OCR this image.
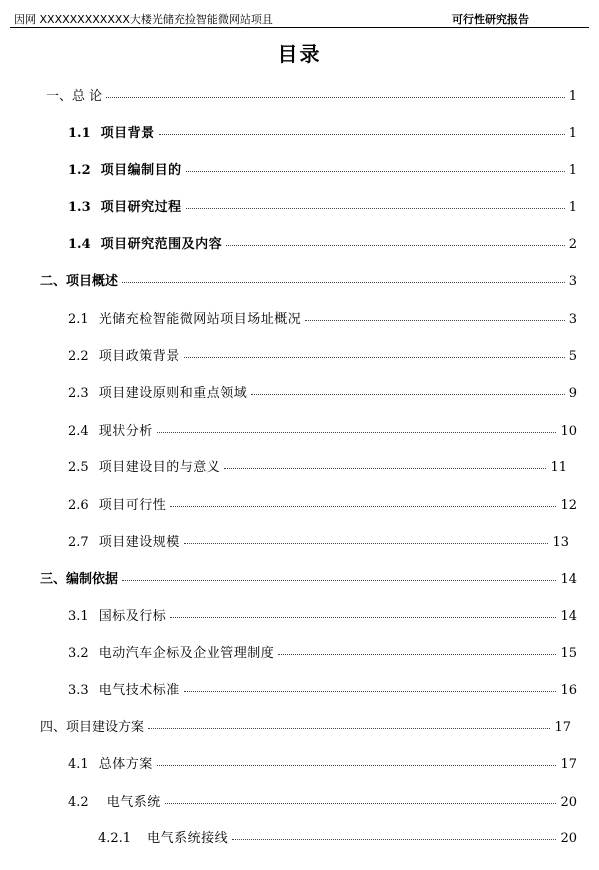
因网 XXXXXXXXXXXX大楼光储充捡智能微网站项且	可行性研究报告
目录
一、总 论	1
1.1 项目背景	1
1.2 项目编制目的	1
1.3 项目研究过程	1
1.4 项目研究范围及内容	2
二、项目概述	3
2.1 光储充检智能微网站项目场址概况	3
2.2 项目政策背景	5
2.3 项目建设原则和重点领域	9
2.4 现状分析	10
2.5 项目建设目的与意义	11
2.6 项目可行性	12
2.7 项目建设规模	13
三、编制依据	14
3.1 国标及行标	14
3.2 电动汽车企标及企业管理制度	15
3.3 电气技术标准	16
四、项目建设方案	17
4.1 总体方案	17
4.2 电气系统	20
4.2.1 电气系统接线	20
